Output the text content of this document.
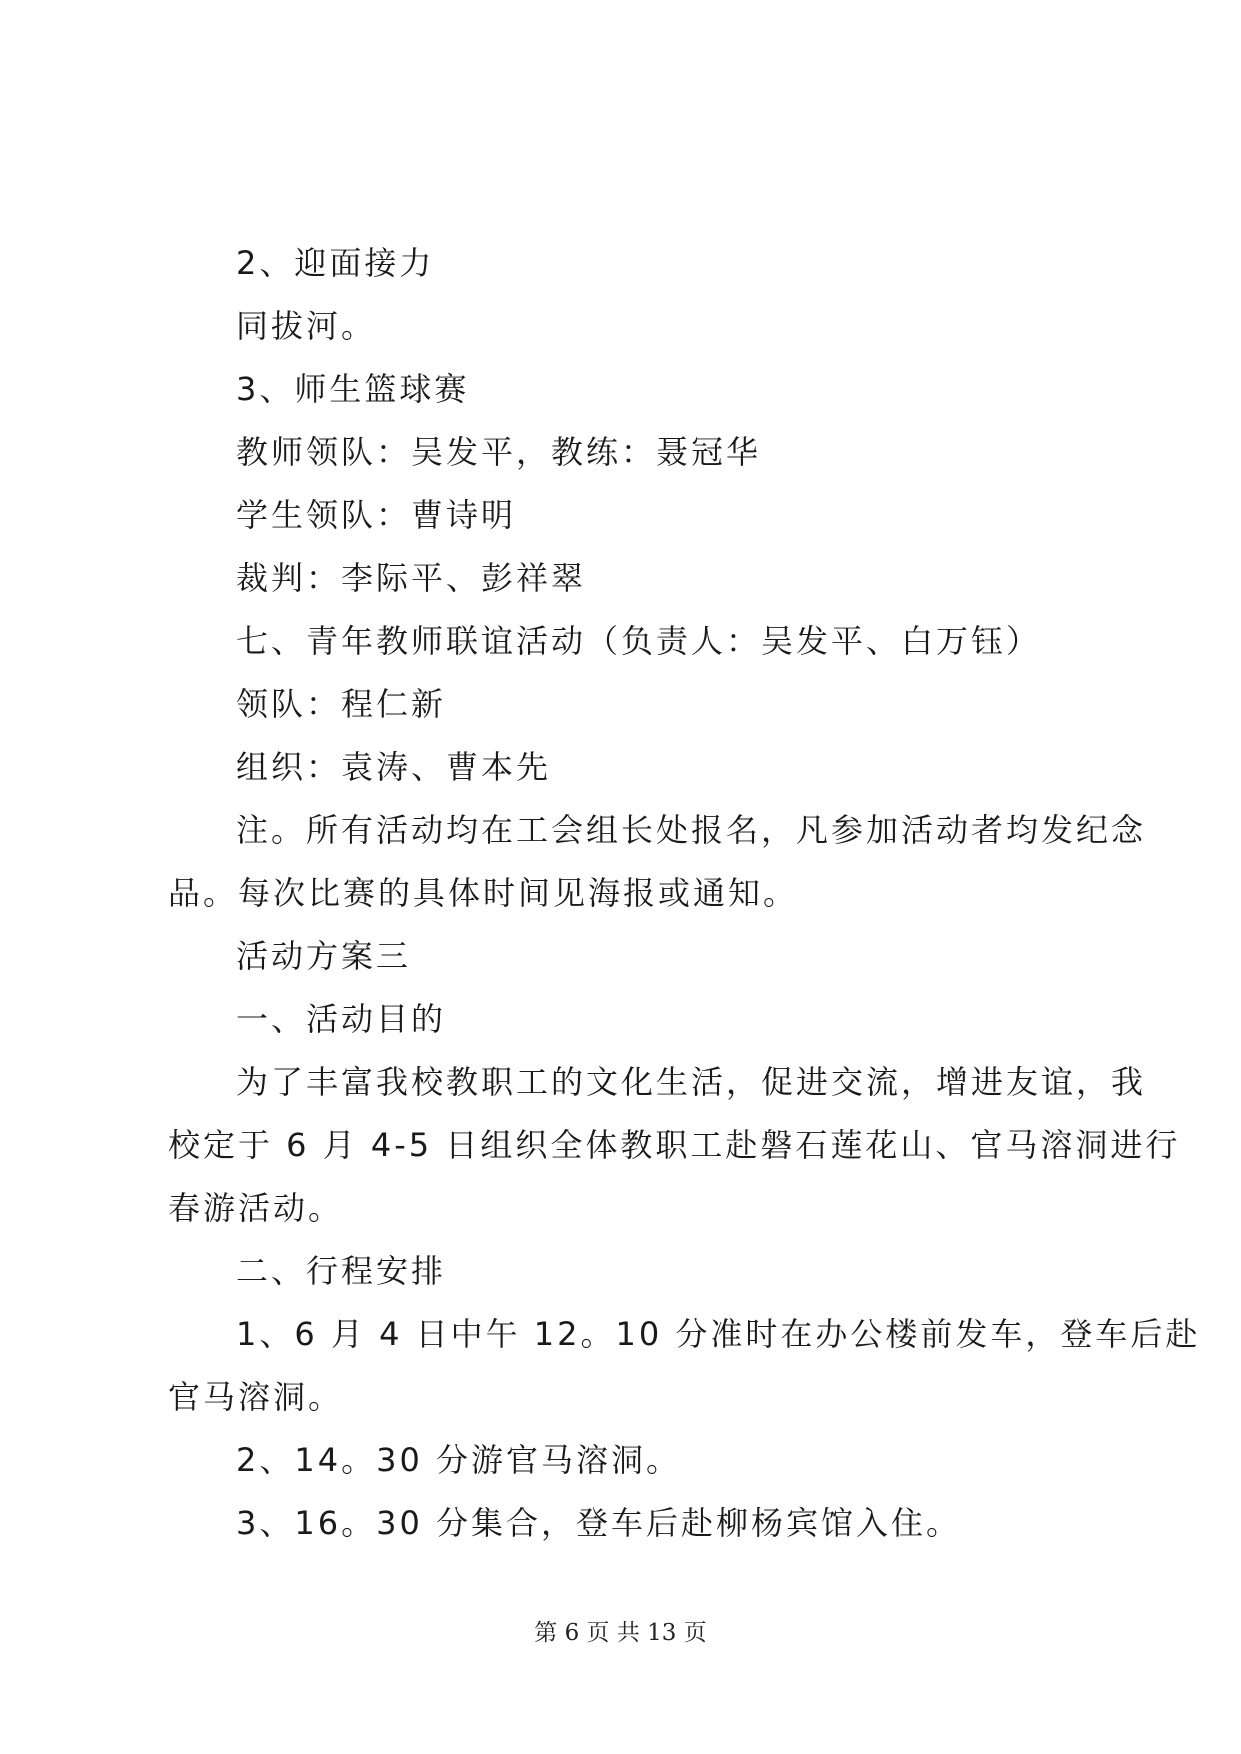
2、迎面接力

同拔河。

3、师生篮球赛

教师领队：吴发平，教练：聂冠华

学生领队：曹诗明

裁判：李际平、彭祥翠

七、青年教师联谊活动（负责人：吴发平、白万钰）

领队：程仁新

组织：袁涛、曹本先

注。所有活动均在工会组长处报名，凡参加活动者均发纪念

品。每次比赛的具体时间见海报或通知。

活动方案三

一、活动目的

为了丰富我校教职工的文化生活，促进交流，增进友谊，我

校定于 6 月 4-5 日组织全体教职工赴磐石莲花山、官马溶洞进行

春游活动。

二、行程安排

1、6 月 4 日中午 12。10 分准时在办公楼前发车，登车后赴

官马溶洞。

2、14。30 分游官马溶洞。

3、16。30 分集合，登车后赴柳杨宾馆入住。

第 6 页 共 13 页
